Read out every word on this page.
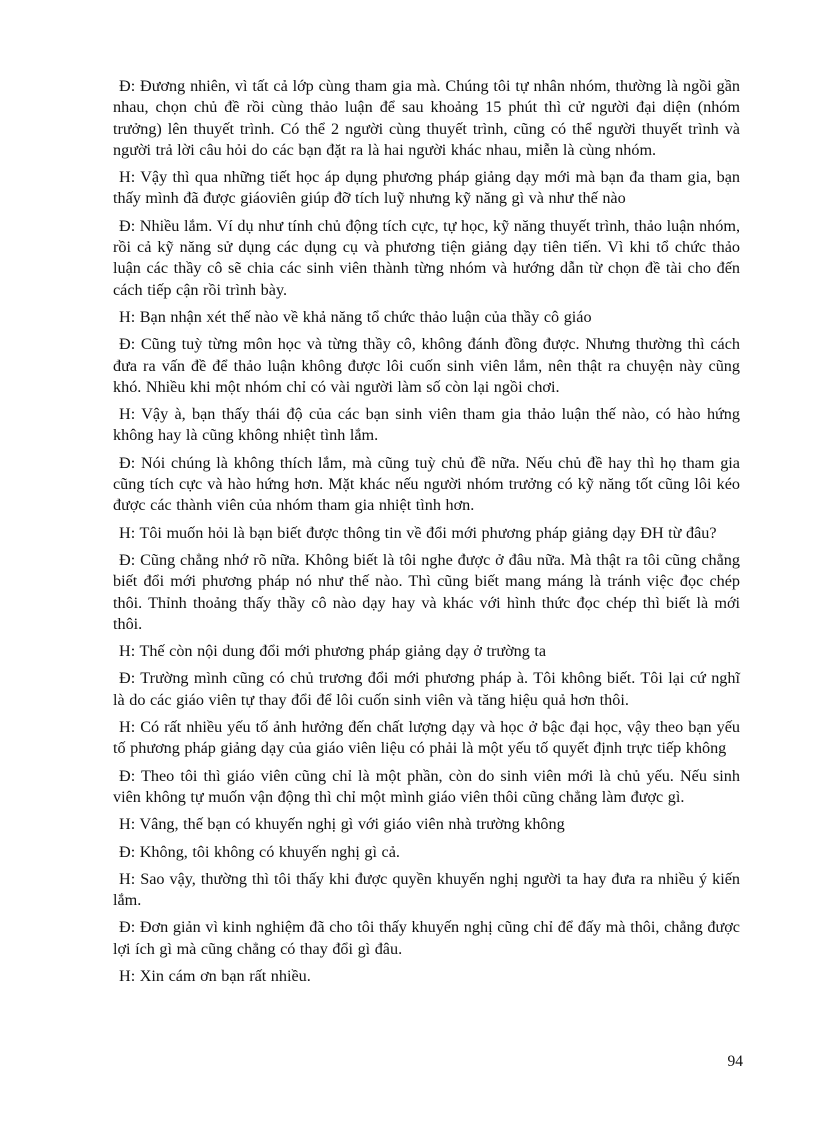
Đ: Đương nhiên, vì tất cả lớp cùng tham gia mà. Chúng tôi tự nhân nhóm, thường là ngồi gần nhau, chọn chủ đề rồi cùng thảo luận để sau khoảng 15 phút thì cử người đại diện (nhóm trưởng) lên thuyết trình. Có thể 2 người cùng thuyết trình, cũng có thể người thuyết trình và người trả lời câu hỏi do các bạn đặt ra là hai người khác nhau, miễn là cùng nhóm.

H: Vậy thì qua những tiết học áp dụng phương pháp giảng dạy mới mà bạn đa tham gia, bạn thấy mình đã được giáoviên giúp đỡ tích luỹ nhưng kỹ năng gì và như thế nào

Đ: Nhiều lắm. Ví dụ như tính chủ động tích cực, tự học, kỹ năng thuyết trình, thảo luận nhóm, rồi cả kỹ năng sử dụng các dụng cụ và phương tiện giảng dạy tiên tiến. Vì khi tổ chức thảo luận các thầy cô sẽ chia các sinh viên thành từng nhóm và hướng dẫn từ chọn đề tài cho đến cách tiếp cận rồi trình bày.

H: Bạn nhận xét thế nào về khả năng tổ chức thảo luận của thầy cô giáo

Đ: Cũng tuỳ từng môn học và từng thầy cô, không đánh đồng được. Nhưng thường thì cách đưa ra vấn đề để thảo luận không được lôi cuốn sinh viên lắm, nên thật ra chuyện này cũng khó. Nhiều khi một nhóm chỉ có vài người làm số còn lại ngồi chơi.

H: Vậy à, bạn thấy thái độ của các bạn sinh viên tham gia thảo luận thế nào, có hào hứng không hay là cũng không nhiệt tình lắm.

Đ: Nói chúng là không thích lắm, mà cũng tuỳ chủ đề nữa. Nếu chủ đề hay thì họ tham gia cũng tích cực và hào hứng hơn. Mặt khác nếu người nhóm trưởng có kỹ năng tốt cũng lôi kéo được các thành viên của nhóm tham gia nhiệt tình hơn.

H: Tôi muốn hỏi là bạn biết được thông tin về đổi mới phương pháp giảng dạy ĐH từ đâu?

Đ: Cũng chẳng nhớ rõ nữa. Không biết là tôi nghe được ở đâu nữa. Mà thật ra tôi cũng chẳng biết đổi mới phương pháp nó như thế nào. Thì cũng biết mang máng là tránh việc đọc chép thôi. Thỉnh thoảng thấy thầy cô nào dạy hay và khác với hình thức đọc chép thì biết là mới thôi.

H: Thế còn nội dung đổi mới phương pháp giảng dạy ở trường ta

Đ: Trường mình cũng có chủ trương đổi mới phương pháp à. Tôi không biết. Tôi lại cứ nghĩ là do các giáo viên tự thay đổi để lôi cuốn sinh viên và tăng hiệu quả hơn thôi.

H: Có rất nhiều yếu tố ảnh hưởng đến chất lượng dạy và học ở bậc đại học, vậy theo bạn yếu tố phương pháp giảng dạy của giáo viên liệu có phải là một yếu tố quyết định trực tiếp không

Đ: Theo tôi thì giáo viên cũng chỉ là một phần, còn do sinh viên mới là chủ yếu. Nếu sinh viên không tự muốn vận động thì chỉ một mình giáo viên thôi cũng chẳng làm được gì.

H: Vâng, thế bạn có khuyến nghị gì với giáo viên nhà trường không

Đ: Không, tôi không có khuyến nghị gì cả.

H: Sao vậy, thường thì tôi thấy khi được quyền khuyến nghị người ta hay đưa ra nhiều ý kiến lắm.

Đ: Đơn giản vì kinh nghiệm đã cho tôi thấy khuyến nghị cũng chỉ để đấy mà thôi, chẳng được lợi ích gì mà cũng chẳng có thay đổi gì đâu.

H: Xin cám ơn bạn rất nhiều.

94
